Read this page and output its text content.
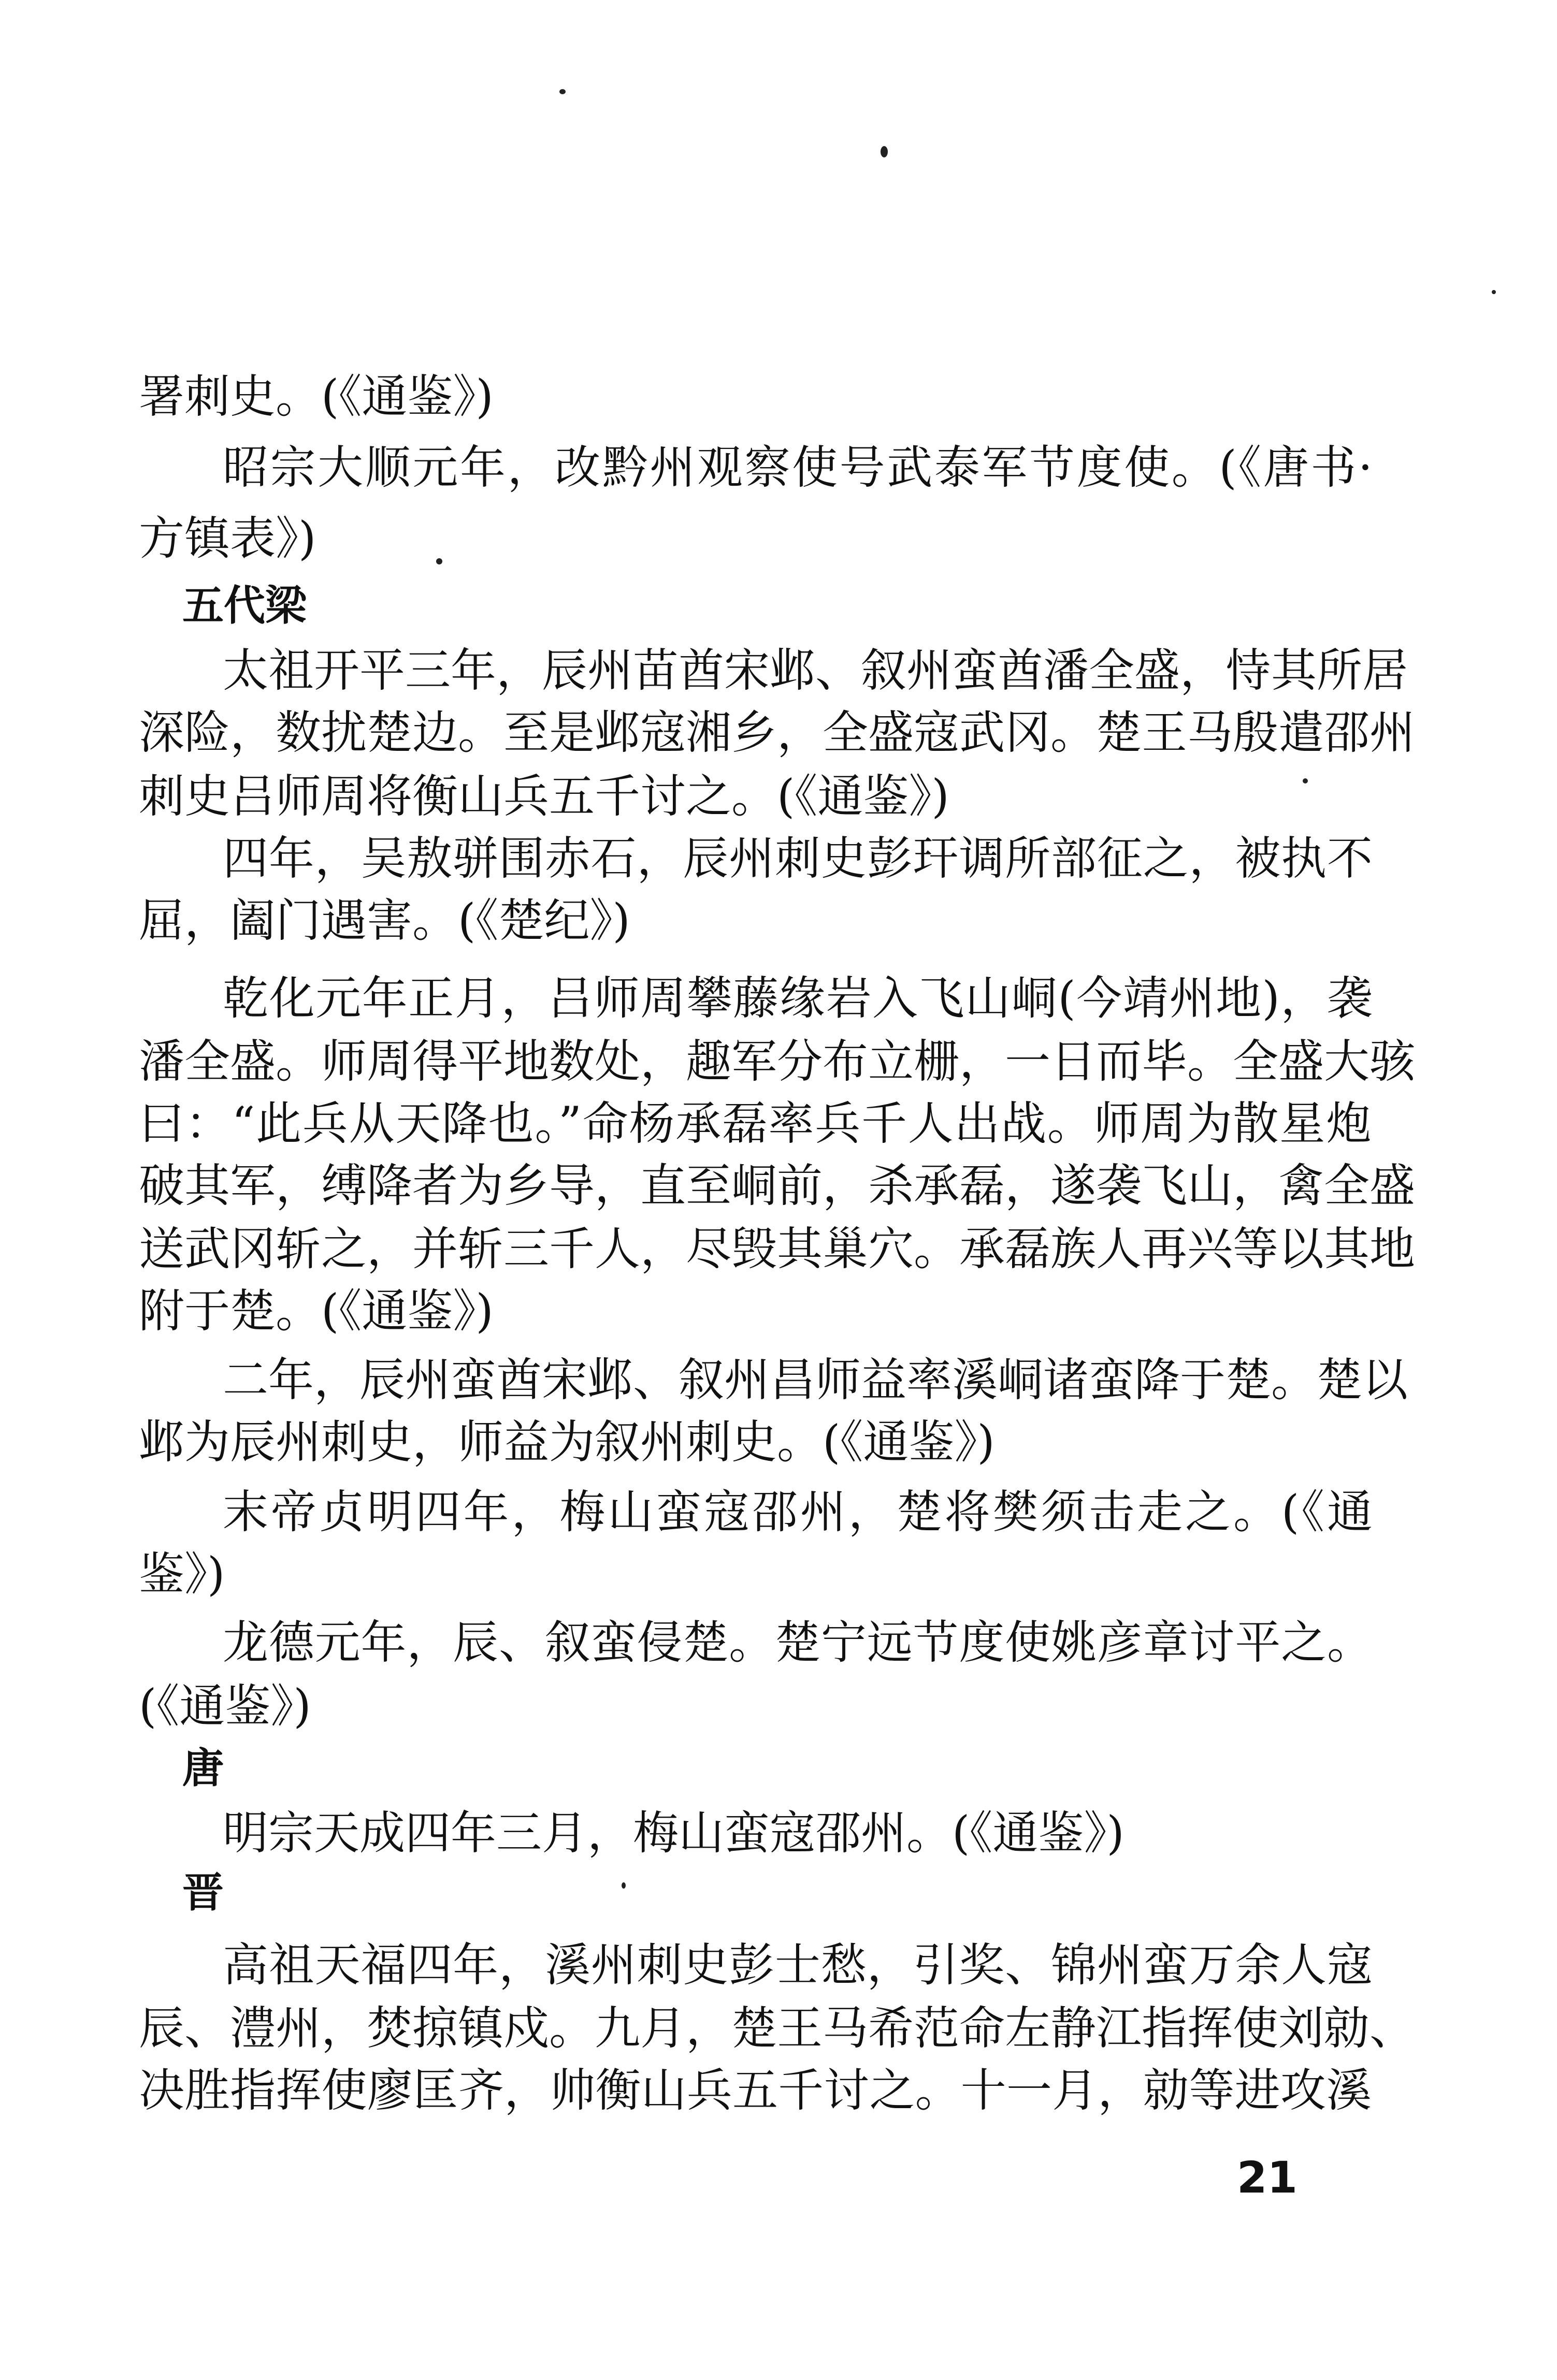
署刺史。(《通鉴》)
昭宗大顺元年，改黔州观察使号武泰军节度使。(《唐书·
方镇表》)
五代梁
太祖开平三年，辰州苗酋宋邺、叙州蛮酋潘全盛，恃其所居
深险，数扰楚边。至是邺寇湘乡，全盛寇武冈。楚王马殷遣邵州
刺史吕师周将衡山兵五千讨之。(《通鉴》)
四年，吴敖骈围赤石，辰州刺史彭玕调所部征之，被执不
屈，阖门遇害。(《楚纪》)
乾化元年正月，吕师周攀藤缘岩入飞山峒(今靖州地)，袭
潘全盛。师周得平地数处，趣军分布立栅，一日而毕。全盛大骇
曰：“此兵从天降也。”命杨承磊率兵千人出战。师周为散星炮
破其军，缚降者为乡导，直至峒前，杀承磊，遂袭飞山，禽全盛
送武冈斩之，并斩三千人，尽毁其巢穴。承磊族人再兴等以其地
附于楚。(《通鉴》)
二年，辰州蛮酋宋邺、叙州昌师益率溪峒诸蛮降于楚。楚以
邺为辰州刺史，师益为叙州刺史。(《通鉴》)
末帝贞明四年，梅山蛮寇邵州，楚将樊须击走之。(《通
鉴》)
龙德元年，辰、叙蛮侵楚。楚宁远节度使姚彦章讨平之。
(《通鉴》)
唐
明宗天成四年三月，梅山蛮寇邵州。(《通鉴》)
晋
高祖天福四年，溪州刺史彭士愁，引奖、锦州蛮万余人寇
辰、澧州，焚掠镇戍。九月，楚王马希范命左静江指挥使刘勍、
决胜指挥使廖匡齐，帅衡山兵五千讨之。十一月，勍等进攻溪
21
